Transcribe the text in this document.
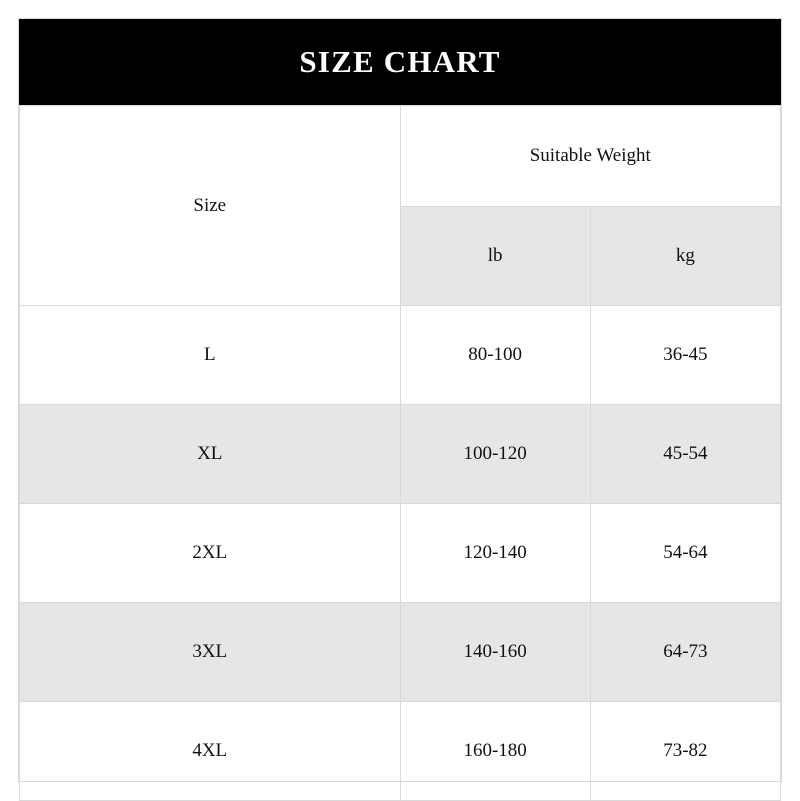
SIZE CHART
Size	Suitable Weight	
	lb	kg
L	80-100	36-45
XL	100-120	45-54
2XL	120-140	54-64
3XL	140-160	64-73
4XL	160-180	73-82
